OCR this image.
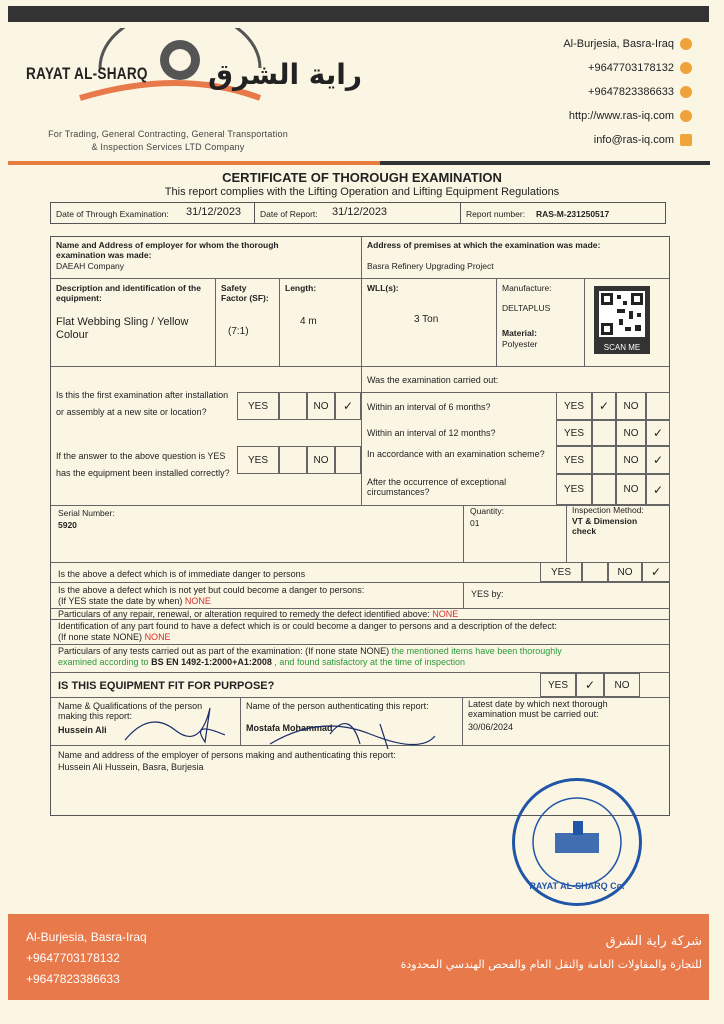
RAYAT AL-SHARQ راية الشرق
For Trading, General Contracting, General Transportation
& Inspection Services LTD Company
Al-Burjesia, Basra-Iraq
+9647703178132
+9647823386633
http://www.ras-iq.com
info@ras-iq.com
CERTIFICATE OF THOROUGH EXAMINATION
This report complies with the Lifting Operation and Lifting Equipment Regulations
Date of Through Examination: 31/12/2023 Date of Report: 31/12/2023	Report number: RAS-M-231250517
Name and Address of employer for whom the thorough examination was made:
DAEAH Company
Address of premises at which the examination was made:
Basra Refinery Upgrading Project
Description and identification of the equipment:
Flat Webbing Sling / Yellow Colour
Safety Factor (SF):
(7:1)
Length:
4 m
WLL(s):
3 Ton
Manufacture:
DELTAPLUS
Material:
Polyester	SCAN ME
Is this the first examination after installation or assembly at a new site or location?
If the answer to the above question is YES has the equipment been installed correctly?
YES	NO	✓
YES	NO
Was the examination carried out:
Within an interval of 6 months?
Within an interval of 12 months?
In accordance with an examination scheme?
After the occurrence of exceptional circumstances?
YES	✓	NO
YES	NO	✓
YES	NO	✓
YES	NO	✓
Serial Number:
5920
Quantity:
01
Inspection Method:
VT & Dimension check
Is the above a defect which is of immediate danger to persons	YES	NO	✓
Is the above a defect which is not yet but could become a danger to persons:
(If YES state the date by when) NONE
YES by:
Particulars of any repair, renewal, or alteration required to remedy the defect identified above: NONE
Identification of any part found to have a defect which is or could become a danger to persons and a description of the defect:
(If none state NONE) NONE
Particulars of any tests carried out as part of the examination: (If none state NONE) the mentioned items have been thoroughly
examined according to BS EN 1492-1:2000+A1:2008 , and found satisfactory at the time of inspection
IS THIS EQUIPMENT FIT FOR PURPOSE?	YES	✓	NO
Name & Qualifications of the person making this report:
Hussein Ali
Name of the person authenticating this report:
Mostafa Mohammad
Latest date by which next thorough examination must be carried out:
30/06/2024
Name and address of the employer of persons making and authenticating this report:
Hussein Ali Hussein, Basra, Burjesia
RAYAT AL-SHARQ Co.
Al-Burjesia, Basra-Iraq
+9647703178132
+9647823386633
شركة راية الشرق
للتجارة والمقاولات العامة والنقل العام والفحص الهندسي المحدودة
